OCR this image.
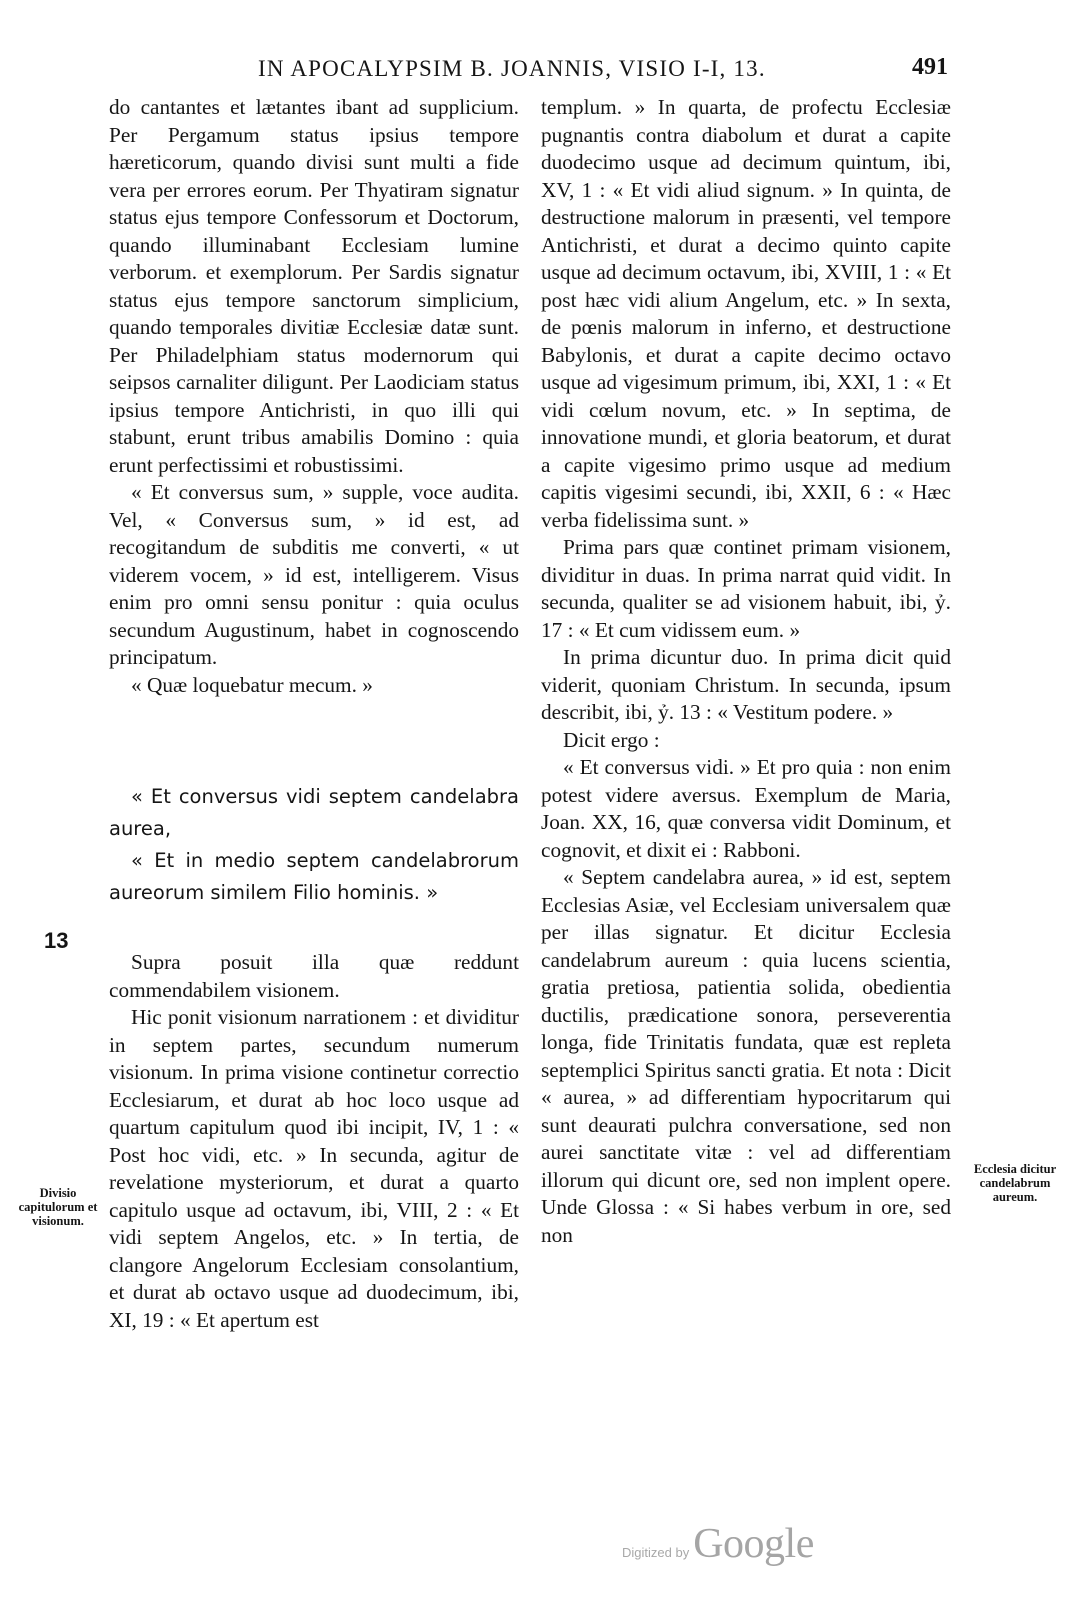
IN APOCALYPSIM B. JOANNIS, VISIO I-I, 13.	491

do cantantes et lætantes ibant ad supplicium. Per Pergamum status ipsius tempore hæreticorum, quando divisi sunt multi a fide vera per errores eorum. Per Thyatiram signatur status ejus tempore Confessorum et Doctorum, quando illuminabant Ecclesiam lumine verborum. et exemplorum. Per Sardis signatur status ejus tempore sanctorum simplicium, quando temporales divitiæ Ecclesiæ datæ sunt. Per Philadelphiam status modernorum qui seipsos carnaliter diligunt. Per Laodiciam status ipsius tempore Antichristi, in quo illi qui stabunt, erunt tribus amabilis Domino : quia erunt perfectissimi et robustissimi.

« Et conversus sum, » supple, voce audita. Vel, « Conversus sum, » id est, ad recogitandum de subditis me converti, « ut viderem vocem, » id est, intelligerem. Visus enim pro omni sensu ponitur : quia oculus secundum Augustinum, habet in cognoscendo principatum.

« Quæ loquebatur mecum. »

« Et conversus vidi septem candelabra aurea,

« Et in medio septem candelabrorum aureorum similem Filio hominis. »

Supra posuit illa quæ reddunt commendabilem visionem.

Hic ponit visionum narrationem : et dividitur in septem partes, secundum numerum visionum. In prima visione continetur correctio Ecclesiarum, et durat ab hoc loco usque ad quartum capitulum quod ibi incipit, IV, 1 : « Post hoc vidi, etc. » In secunda, agitur de revelatione mysteriorum, et durat a quarto capitulo usque ad octavum, ibi, VIII, 2 : « Et vidi septem Angelos, etc. » In tertia, de clangore Angelorum Ecclesiam consolantium, et durat ab octavo usque ad duodecimum, ibi, XI, 19 : « Et apertum est

templum. » In quarta, de profectu Ecclesiæ pugnantis contra diabolum et durat a capite duodecimo usque ad decimum quintum, ibi, XV, 1 : « Et vidi aliud signum. » In quinta, de destructione malorum in præsenti, vel tempore Antichristi, et durat a decimo quinto capite usque ad decimum octavum, ibi, XVIII, 1 : « Et post hæc vidi alium Angelum, etc. » In sexta, de pœnis malorum in inferno, et destructione Babylonis, et durat a capite decimo octavo usque ad vigesimum primum, ibi, XXI, 1 : « Et vidi cœlum novum, etc. » In septima, de innovatione mundi, et gloria beatorum, et durat a capite vigesimo primo usque ad medium capitis vigesimi secundi, ibi, XXII, 6 : « Hæc verba fidelissima sunt. »

Prima pars quæ continet primam visionem, dividitur in duas. In prima narrat quid vidit. In secunda, qualiter se ad visionem habuit, ibi, ỷ. 17 : « Et cum vidissem eum. »

In prima dicuntur duo. In prima dicit quid viderit, quoniam Christum. In secunda, ipsum describit, ibi, ỷ. 13 : « Vestitum podere. »

Dicit ergo :

« Et conversus vidi. » Et pro quia : non enim potest videre aversus. Exemplum de Maria, Joan. XX, 16, quæ conversa vidit Dominum, et cognovit, et dixit ei : Rabboni.

« Septem candelabra aurea, » id est, septem Ecclesias Asiæ, vel Ecclesiam universalem quæ per illas signatur. Et dicitur Ecclesia candelabrum aureum : quia lucens scientia, gratia pretiosa, patientia solida, obedientia ductilis, prædicatione sonora, perseverentia longa, fide Trinitatis fundata, quæ est repleta septemplici Spiritus sancti gratia. Et nota : Dicit « aurea, » ad differentiam hypocritarum qui sunt deaurati pulchra conversatione, sed non aurei sanctitate vitæ : vel ad differentiam illorum qui dicunt ore, sed non implent opere. Unde Glossa : « Si habes verbum in ore, sed non

13
Divisio capitulorum et visionum.
Ecclesia dicitur candelabrum aureum.
Digitized by Google
